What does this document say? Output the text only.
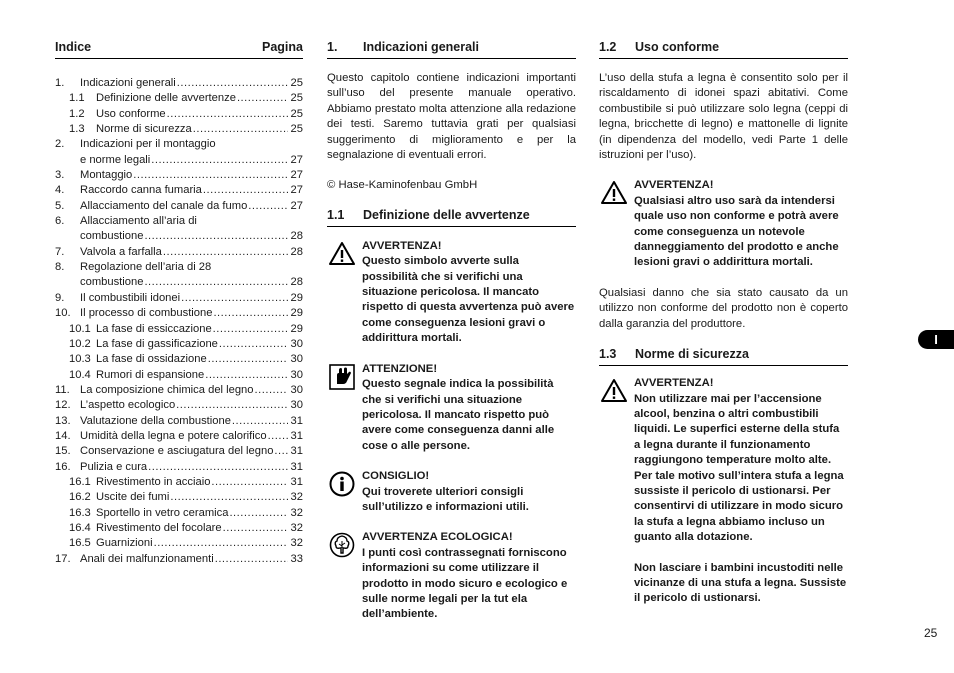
Indice	Pagina
1.	Indicazioni generali .....	25
1.1	Definizione delle avvertenze .....	25
1.2	Uso conforme .....	25
1.3	Norme di sicurezza .....	25
2.	Indicazioni per il montaggio
e norme legali .....	27
3.	Montaggio .....	27
4.	Raccordo canna fumaria .....	27
5.	Allacciamento del canale da fumo .....	27
6.	Allacciamento all’aria di
combustione .....	28
7.	Valvola a farfalla .....	28
8.	Regolazione dell’aria di 28
combustione .....	28
9.	Il combustibili idonei .....	29
10. Il processo di combustione .....	29
10.1 La fase di essiccazione .....	29
10.2 La fase di gassificazione .....	30
10.3 La fase di ossidazione .....	30
10.4 Rumori di espansione .....	30
11. La composizione chimica del legno .....	30
12. L’aspetto ecologico .....	30
13. Valutazione della combustione .....	31
14. Umidità della legna e potere calorifico ..... 31
15. Conservazione e asciugatura del legno ..... 31
16. Pulizia e cura .....	31
16.1 Rivestimento in acciaio .....	31
16.2 Uscite dei fumi .....	32
16.3 Sportello in vetro ceramica .....	32
16.4 Rivestimento del focolare .....	32
16.5 Guarnizioni .....	32
17. Anali dei malfunzionamenti .....	33
1. Indicazioni generali

Questo capitolo contiene indicazioni importanti sull’uso del presente manuale operativo. Abbiamo prestato molta attenzione alla redazione dei testi. Saremo tuttavia grati per qualsiasi suggerimento di miglioramento e per la segnalazione di eventuali errori.

© Hase-Kaminofenbau GmbH

1.1 Definizione delle avvertenze
AVVERTENZA!
Questo simbolo avverte sulla possibilità che si verifichi una situazione pericolosa. Il mancato rispetto di questa avvertenza può avere come conseguenza lesioni gravi o addirittura mortali.
ATTENZIONE!
Questo segnale indica la possibilità che si verifichi una situazione pericolosa. Il mancato rispetto può avere come conseguenza danni alle cose o alle persone.
CONSIGLIO!
Qui troverete ulteriori consigli sull’utilizzo e informazioni utili.
AVVERTENZA ECOLOGICA!
I punti così contrassegnati forniscono informazioni su come utilizzare il prodotto in modo sicuro e ecologico e sulle norme legali per la tut ela dell’ambiente.
1.2 Uso conforme

L’uso della stufa a legna è consentito solo per il riscaldamento di idonei spazi abitativi. Come combustibile si può utilizzare solo legna (ceppi di legna, bricchette di legno) e mattonelle di lignite (in dipendenza del modello, vedi Parte 1 delle istruzioni per l’uso).

AVVERTENZA!
Qualsiasi altro uso sarà da intendersi quale uso non conforme e potrà avere come conseguenza un notevole danneggiamento del prodotto e anche lesioni gravi o addirittura mortali.

Qualsiasi danno che sia stato causato da un utilizzo non conforme del prodotto non è coperto dalla garanzia del produttore.

1.3 Norme di sicurezza
AVVERTENZA!
Non utilizzare mai per l’accensione alcool, benzina o altri combustibili liquidi. Le superfici esterne della stufa a legna durante il funzionamento raggiungono temperature molto alte. Per tale motivo sull’intera stufa a legna sussiste il pericolo di ustionarsi. Per consentirvi di utilizzare in modo sicuro la stufa a legna abbiamo incluso un guanto alla dotazione.
Non lasciare i bambini incustoditi nelle vicinanze di una stufa a legna. Sussiste il pericolo di ustionarsi.
I
25
